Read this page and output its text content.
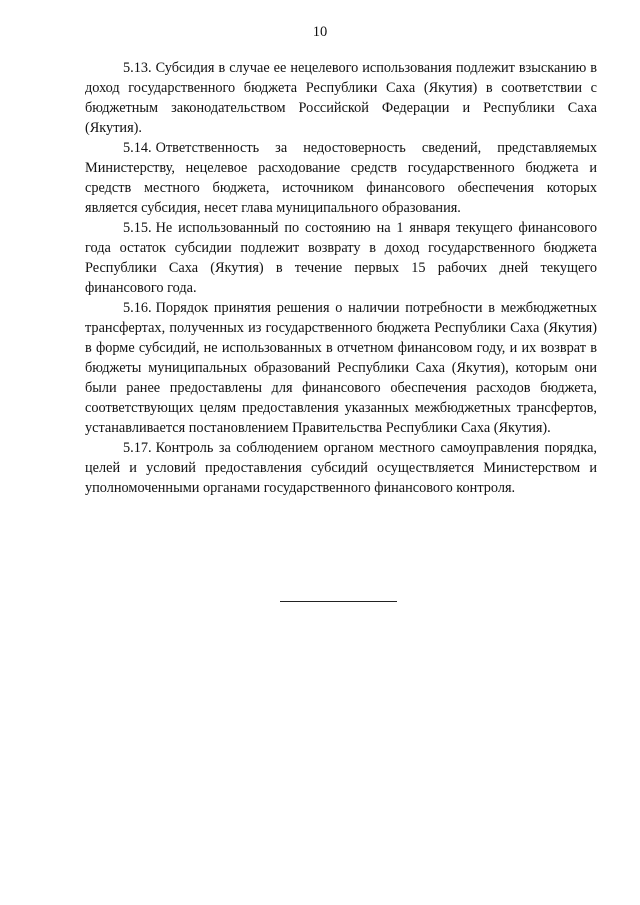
10

5.13. Субсидия в случае ее нецелевого использования подлежит взысканию в доход государственного бюджета Республики Саха (Якутия) в соответствии с бюджетным законодательством Российской Федерации и Республики Саха (Якутия).

5.14. Ответственность за недостоверность сведений, представляемых Министерству, нецелевое расходование средств государственного бюджета и средств местного бюджета, источником финансового обеспечения которых является субсидия, несет глава муниципального образования.

5.15. Не использованный по состоянию на 1 января текущего финансового года остаток субсидии подлежит возврату в доход государственного бюджета Республики Саха (Якутия) в течение первых 15 рабочих дней текущего финансового года.

5.16. Порядок принятия решения о наличии потребности в межбюджетных трансфертах, полученных из государственного бюджета Республики Саха (Якутия) в форме субсидий, не использованных в отчетном финансовом году, и их возврат в бюджеты муниципальных образований Республики Саха (Якутия), которым они были ранее предоставлены для финансового обеспечения расходов бюджета, соответствующих целям предоставления указанных межбюджетных трансфертов, устанавливается постановлением Правительства Республики Саха (Якутия).

5.17. Контроль за соблюдением органом местного самоуправления порядка, целей и условий предоставления субсидий осуществляется Министерством и уполномоченными органами государственного финансового контроля.
